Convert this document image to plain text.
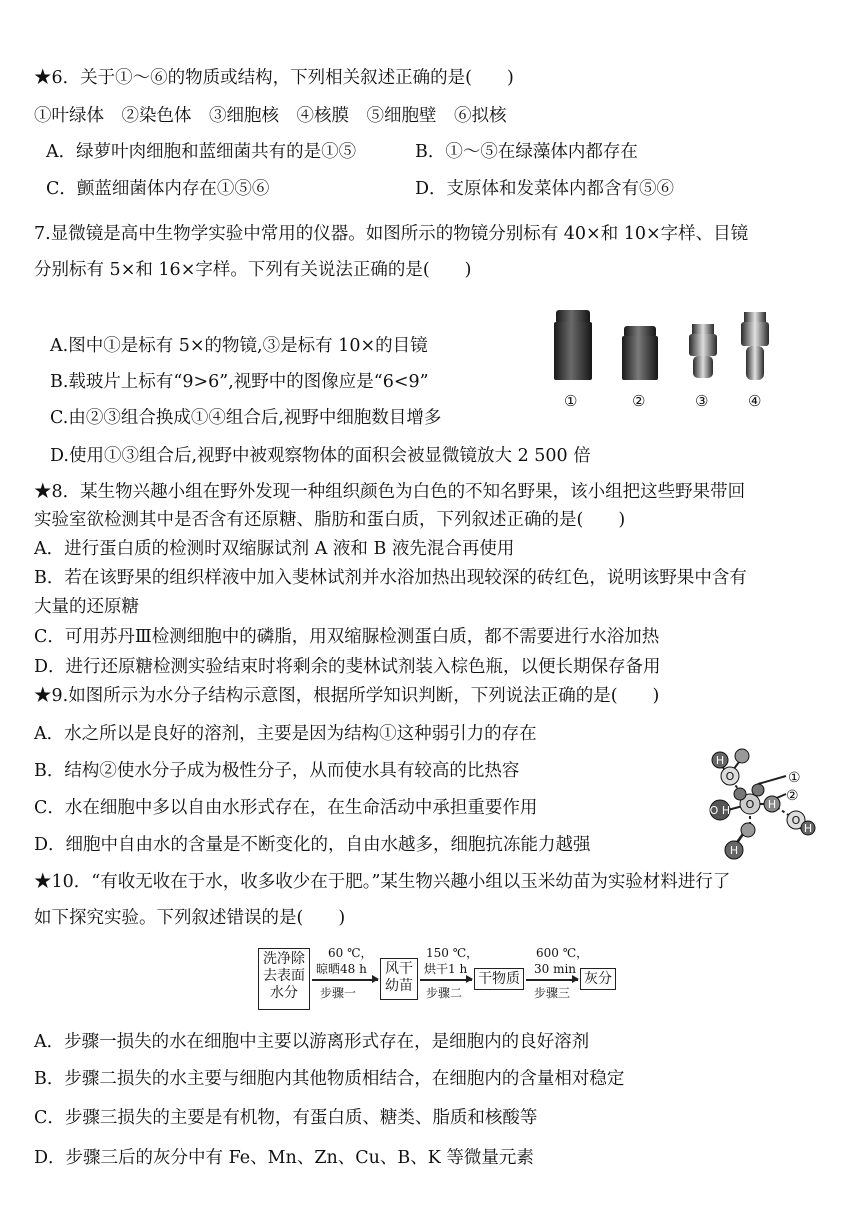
★6．关于①～⑥的物质或结构，下列相关叙述正确的是(　　)
①叶绿体　②染色体　③细胞核　④核膜　⑤细胞壁　⑥拟核
A．绿萝叶肉细胞和蓝细菌共有的是①⑤	B．①～⑤在绿藻体内都存在
C．颤蓝细菌体内存在①⑤⑥	D．支原体和发菜体内都含有⑤⑥
7.显微镜是高中生物学实验中常用的仪器。如图所示的物镜分别标有 40×和 10×字样、目镜
分别标有 5×和 16×字样。下列有关说法正确的是(　　)
A.图中①是标有 5×的物镜,③是标有 10×的目镜
B.载玻片上标有“9>6”,视野中的图像应是“6<9”
C.由②③组合换成①④组合后,视野中细胞数目增多
D.使用①③组合后,视野中被观察物体的面积会被显微镜放大 2 500 倍
①	②	③	④
★8．某生物兴趣小组在野外发现一种组织颜色为白色的不知名野果，该小组把这些野果带回
实验室欲检测其中是否含有还原糖、脂肪和蛋白质，下列叙述正确的是(　　)
A．进行蛋白质的检测时双缩脲试剂 A 液和 B 液先混合再使用
B．若在该野果的组织样液中加入斐林试剂并水浴加热出现较深的砖红色，说明该野果中含有
大量的还原糖
C．可用苏丹Ⅲ检测细胞中的磷脂，用双缩脲检测蛋白质，都不需要进行水浴加热
D．进行还原糖检测实验结束时将剩余的斐林试剂装入棕色瓶，以便长期保存备用
★9.如图所示为水分子结构示意图，根据所学知识判断，下列说法正确的是(　　)
A．水之所以是良好的溶剂，主要是因为结构①这种弱引力的存在
B．结构②使水分子成为极性分子，从而使水具有较高的比热容
C．水在细胞中多以自由水形式存在，在生命活动中承担重要作用
D．细胞中自由水的含量是不断变化的，自由水越多，细胞抗冻能力越强
H
O
O
O H	H
O
H
H
①
②
★10．“有收无收在于水，收多收少在于肥。”某生物兴趣小组以玉米幼苗为实验材料进行了
如下探究实验。下列叙述错误的是(　　)
洗净除
去表面
水分
60 ℃，
晾晒48 h
步骤一
风干
幼苗
150 ℃，
烘干1 h
步骤二
干物质
600 ℃，
30 min
步骤三
灰分
A．步骤一损失的水在细胞中主要以游离形式存在，是细胞内的良好溶剂
B．步骤二损失的水主要与细胞内其他物质相结合，在细胞内的含量相对稳定
C．步骤三损失的主要是有机物，有蛋白质、糖类、脂质和核酸等
D．步骤三后的灰分中有 Fe、Mn、Zn、Cu、B、K 等微量元素
